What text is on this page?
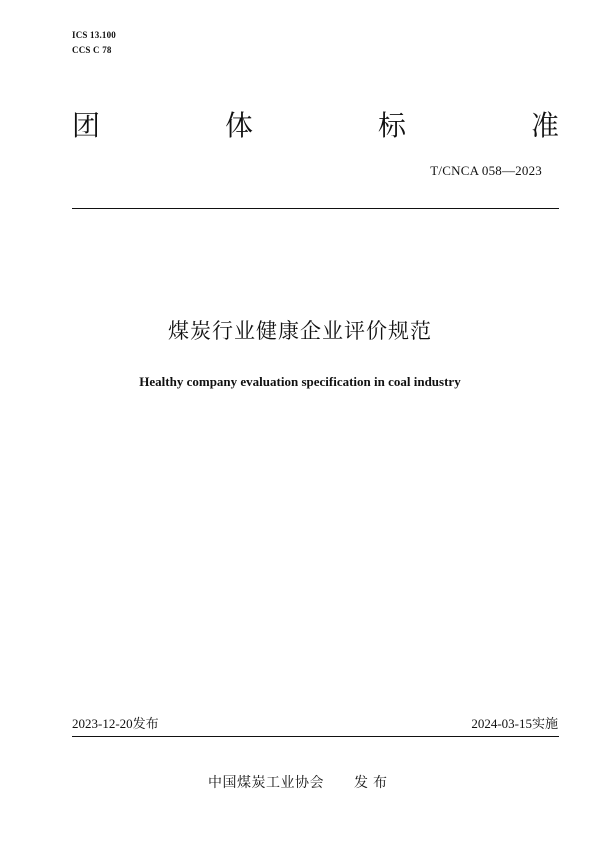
ICS 13.100
CCS C 78
团	体	标	准
T/CNCA 058—2023
煤炭行业健康企业评价规范
Healthy company evaluation specification in coal industry
2023-12-20发布	2024-03-15实施
中国煤炭工业协会 发布
